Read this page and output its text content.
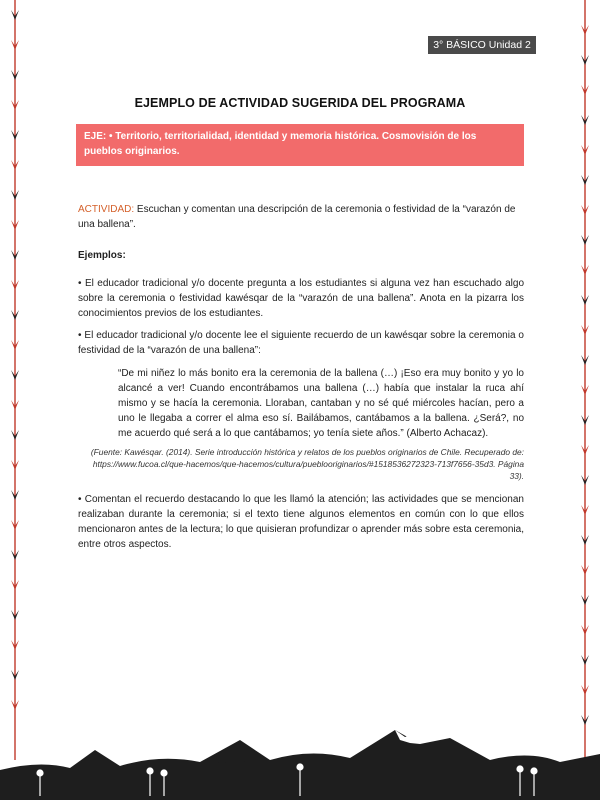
3° BÁSICO Unidad 2
EJEMPLO DE ACTIVIDAD SUGERIDA DEL PROGRAMA
EJE: • Territorio, territorialidad, identidad y memoria histórica. Cosmovisión de los pueblos originarios.
ACTIVIDAD: Escuchan y comentan una descripción de la ceremonia o festividad de la “varazón de una ballena”.
Ejemplos:
• El educador tradicional y/o docente pregunta a los estudiantes si alguna vez han escuchado algo sobre la ceremonia o festividad kawésqar de la “varazón de una ballena”. Anota en la pizarra los conocimientos previos de los estudiantes.
• El educador tradicional y/o docente lee el siguiente recuerdo de un kawésqar sobre la ceremonia o festividad de la “varazón de una ballena”:
“De mi niñez lo más bonito era la ceremonia de la ballena (…) ¡Eso era muy bonito y yo lo alcancé a ver! Cuando encontrábamos una ballena (…) había que instalar la ruca ahí mismo y se hacía la ceremonia. Lloraban, cantaban y no sé qué miércoles hacían, pero a uno le llegaba a correr el alma eso sí. Bailábamos, cantábamos a la ballena. ¿Será?, no me acuerdo qué será a lo que cantábamos; yo tenía siete años.” (Alberto Achacaz).
(Fuente: Kawésqar. (2014). Serie introducción histórica y relatos de los pueblos originarios de Chile. Recuperado de: https://www.fucoa.cl/que-hacemos/que-hacemos/cultura/pueblooriginarios/#1518536272323-713f7656-35d3. Página 33).
• Comentan el recuerdo destacando lo que les llamó la atención; las actividades que se mencionan realizaban durante la ceremonia; si el texto tiene algunos elementos en común con lo que ellos mencionaron antes de la lectura; lo que quisieran profundizar o aprender más sobre esta ceremonia, entre otros aspectos.
